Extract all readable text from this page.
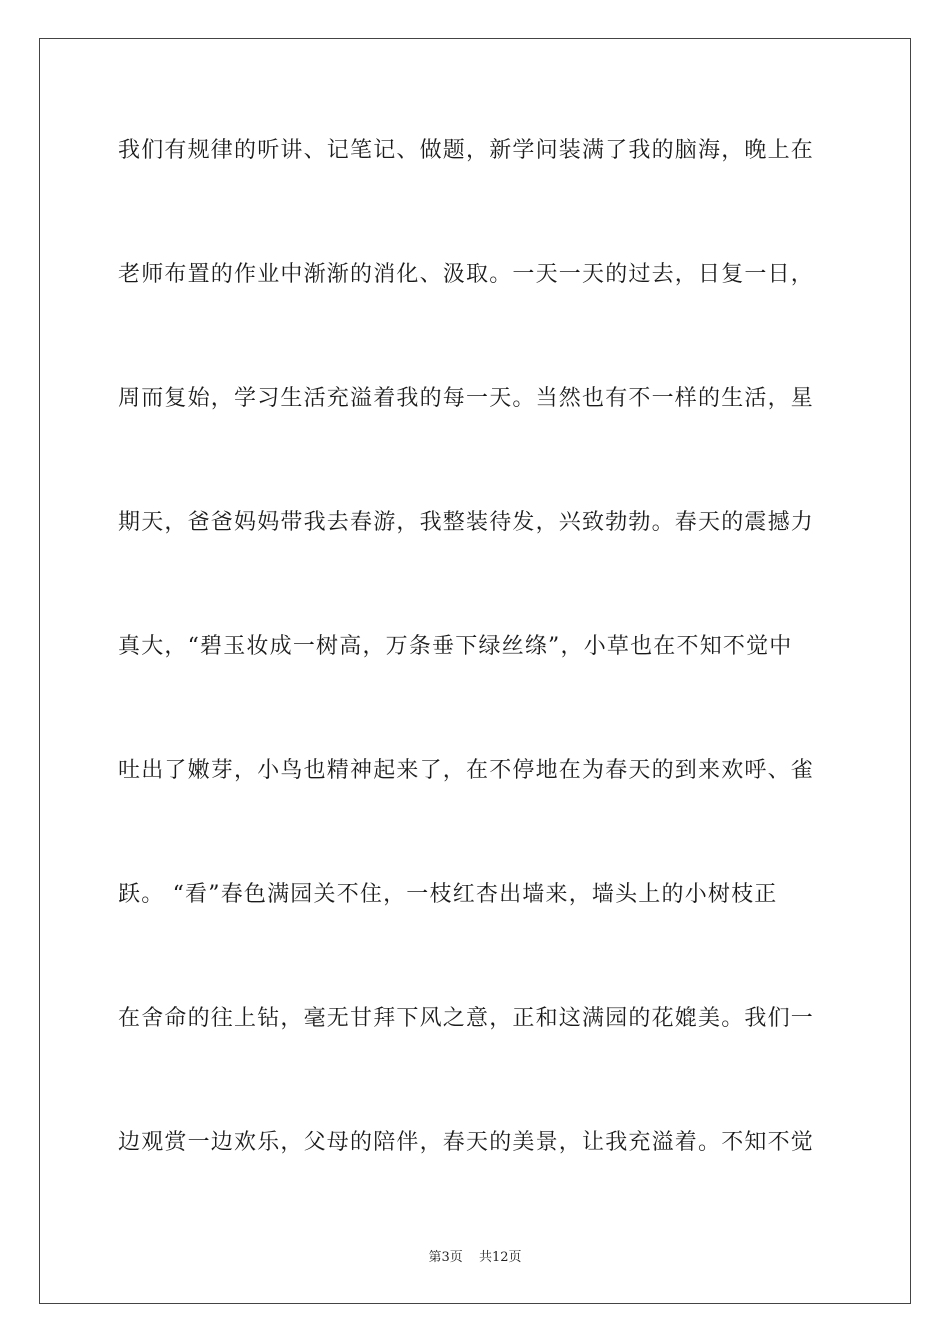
我们有规律的听讲、记笔记、做题，新学问装满了我的脑海，晚上在
老师布置的作业中渐渐的消化、汲取。一天一天的过去，日复一日，
周而复始，学习生活充溢着我的每一天。当然也有不一样的生活，星
期天，爸爸妈妈带我去春游，我整装待发，兴致勃勃。春天的震撼力
真大，“碧玉妆成一树高，万条垂下绿丝绦”，小草也在不知不觉中
吐出了嫩芽，小鸟也精神起来了，在不停地在为春天的到来欢呼、雀
跃。 “看”春色满园关不住，一枝红杏出墙来，墙头上的小树枝正
在舍命的往上钻，毫无甘拜下风之意，正和这满园的花媲美。我们一
边观赏一边欢乐，父母的陪伴，春天的美景，让我充溢着。不知不觉
第3页 共12页
